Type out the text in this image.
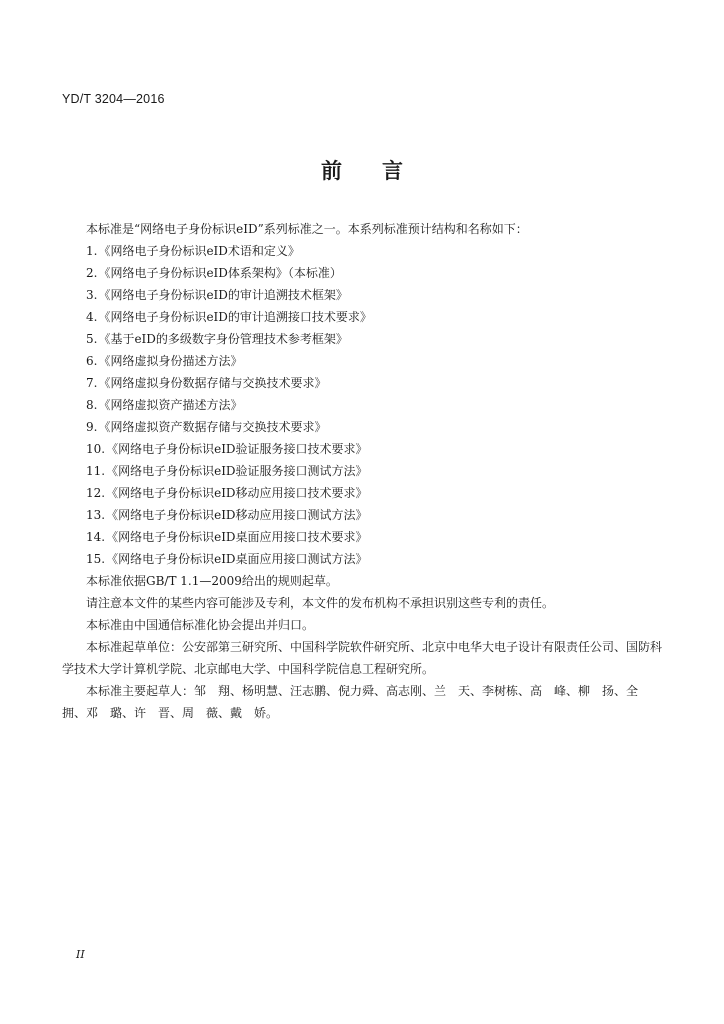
YD/T 3204—2016
前 言

本标准是“网络电子身份标识eID”系列标准之一。本系列标准预计结构和名称如下：

1.《网络电子身份标识eID术语和定义》
2.《网络电子身份标识eID体系架构》（本标准）
3.《网络电子身份标识eID的审计追溯技术框架》
4.《网络电子身份标识eID的审计追溯接口技术要求》
5.《基于eID的多级数字身份管理技术参考框架》
6.《网络虚拟身份描述方法》
7.《网络虚拟身份数据存储与交换技术要求》
8.《网络虚拟资产描述方法》
9.《网络虚拟资产数据存储与交换技术要求》
10.《网络电子身份标识eID验证服务接口技术要求》
11.《网络电子身份标识eID验证服务接口测试方法》
12.《网络电子身份标识eID移动应用接口技术要求》
13.《网络电子身份标识eID移动应用接口测试方法》
14.《网络电子身份标识eID桌面应用接口技术要求》
15.《网络电子身份标识eID桌面应用接口测试方法》

本标准依据GB/T 1.1—2009给出的规则起草。

请注意本文件的某些内容可能涉及专利，本文件的发布机构不承担识别这些专利的责任。

本标准由中国通信标准化协会提出并归口。

本标准起草单位：公安部第三研究所、中国科学院软件研究所、北京中电华大电子设计有限责任公司、国防科学技术大学计算机学院、北京邮电大学、中国科学院信息工程研究所。

本标准主要起草人：邹　翔、杨明慧、汪志鹏、倪力舜、高志刚、兰　天、李树栋、高　峰、柳　扬、全　拥、邓　璐、许　晋、周　薇、戴　娇。

II
